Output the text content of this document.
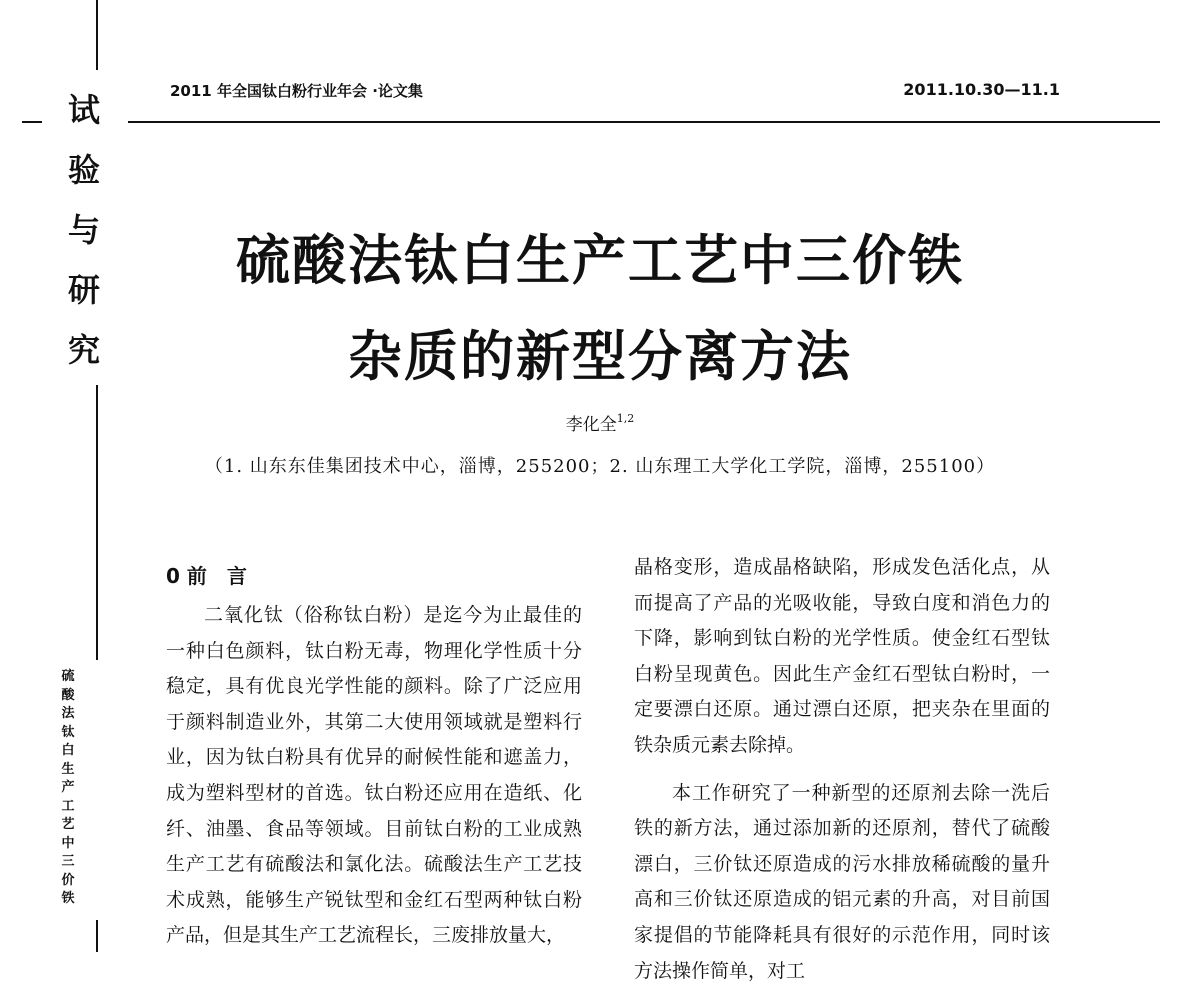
试
验
与
研
究
硫酸法钛白生产工艺中三价铁
2011 年全国钛白粉行业年会 ·论文集	2011.10.30—11.1
硫酸法钛白生产工艺中三价铁
杂质的新型分离方法
李化全$^{1,2}$
（1. 山东东佳集团技术中心，淄博，255200；2. 山东理工大学化工学院，淄博，255100）
0 前　言

二氧化钛（俗称钛白粉）是迄今为止最佳的一种白色颜料，钛白粉无毒，物理化学性质十分稳定，具有优良光学性能的颜料。除了广泛应用于颜料制造业外，其第二大使用领域就是塑料行业，因为钛白粉具有优异的耐候性能和遮盖力，成为塑料型材的首选。钛白粉还应用在造纸、化纤、油墨、食品等领域。目前钛白粉的工业成熟生产工艺有硫酸法和氯化法。硫酸法生产工艺技术成熟，能够生产锐钛型和金红石型两种钛白粉产品，但是其生产工艺流程长，三废排放量大，

晶格变形，造成晶格缺陷，形成发色活化点，从而提高了产品的光吸收能，导致白度和消色力的下降，影响到钛白粉的光学性质。使金红石型钛白粉呈现黄色。因此生产金红石型钛白粉时，一定要漂白还原。通过漂白还原，把夹杂在里面的铁杂质元素去除掉。

本工作研究了一种新型的还原剂去除一洗后铁的新方法，通过添加新的还原剂，替代了硫酸漂白，三价钛还原造成的污水排放稀硫酸的量升高和三价钛还原造成的铝元素的升高，对目前国家提倡的节能降耗具有很好的示范作用，同时该方法操作简单，对工
